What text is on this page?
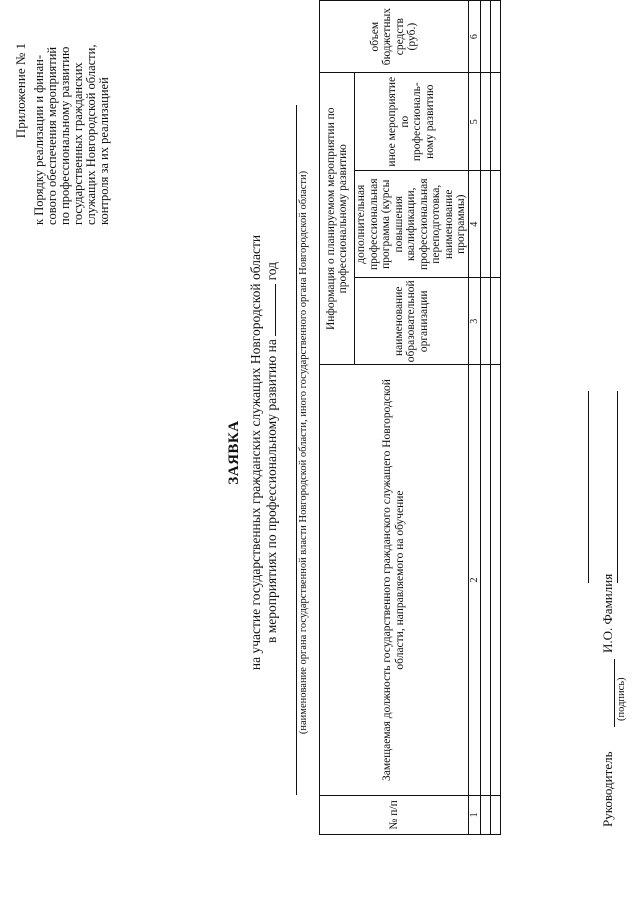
Приложение № 1
к Порядку реализации и финан-
сового обеспечения мероприятий
по профессиональному развитию
государственных гражданских
служащих Новгородской области,
контроля за их реализацией
ЗАЯВКА на участие государственных гражданских служащих Новгородской области в мероприятиях по профессиональному развитию на  год (наименование органа государственной власти Новгородской области, иного государственного органа Новгородской области)
№ п/п	Замещаемая должность государственного гражданского служащего Новгородской области, направляемого на обучение	Информация о планируемом мероприятии по профессиональному развитию			объем бюджетных средств (руб.)
		наименование образовательной организации	дополнительная профессиональная программа (курсы повышения квалификации, профессиональная переподготовка, наименование программы)	иное мероприятие по профессиональ-ному развитию	
1	2	3	4	5	6

Руководитель
(подпись)
И.О. Фамилия
